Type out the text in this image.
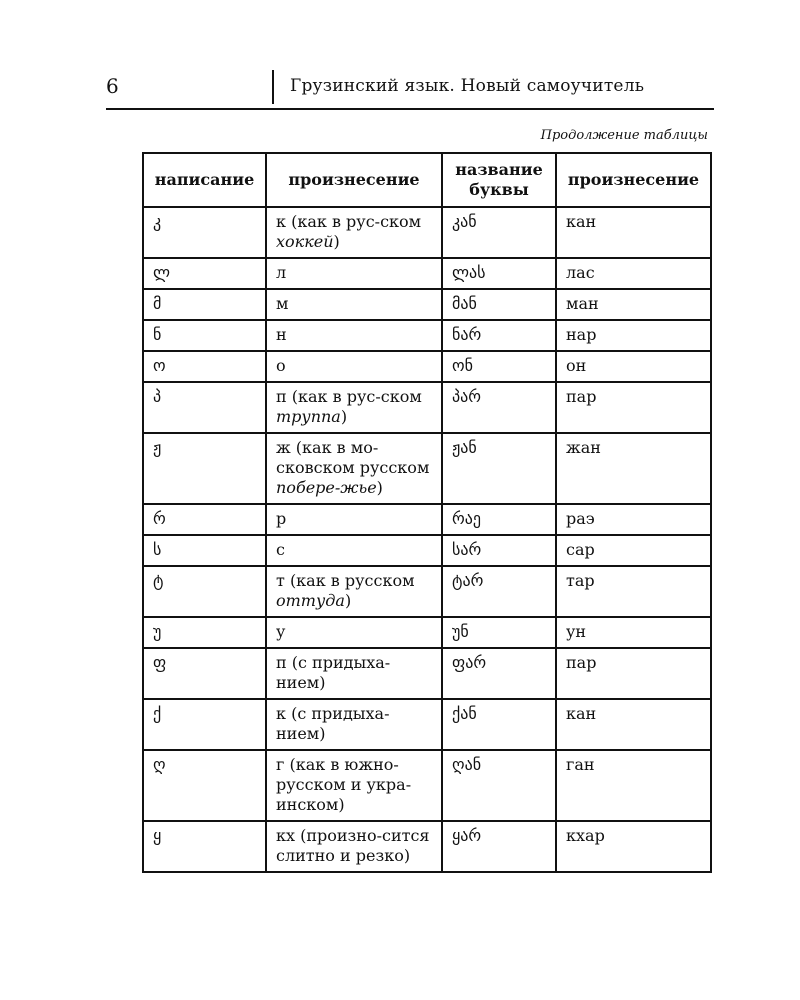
6	Грузинский язык. Новый самоучитель
Продолжение таблицы
написание	произнесение	название буквы	произнесение
კ	к (как в рус-ском хоккей)	კან	кан
ლ	л	ლას	лас
მ	м	მან	ман
ნ	н	ნარ	нар
ო	о	ონ	он
პ	п (как в рус-ском труппа)	პარ	пар
ჟ	ж (как в мо-сковском русском побере-жье)	ჟან	жан
რ	р	რაე	раэ
ს	с	სარ	сар
ტ	т (как в русском оттуда)	ტარ	тар
უ	у	უნ	ун
ფ	п (с придыха-нием)	ფარ	пар
ქ	к (с придыха-нием)	ქან	кан
ღ	г (как в южно-русском и укра-инском)	ღან	ган
ყ	кх (произно-сится слитно и резко)	ყარ	кхар
